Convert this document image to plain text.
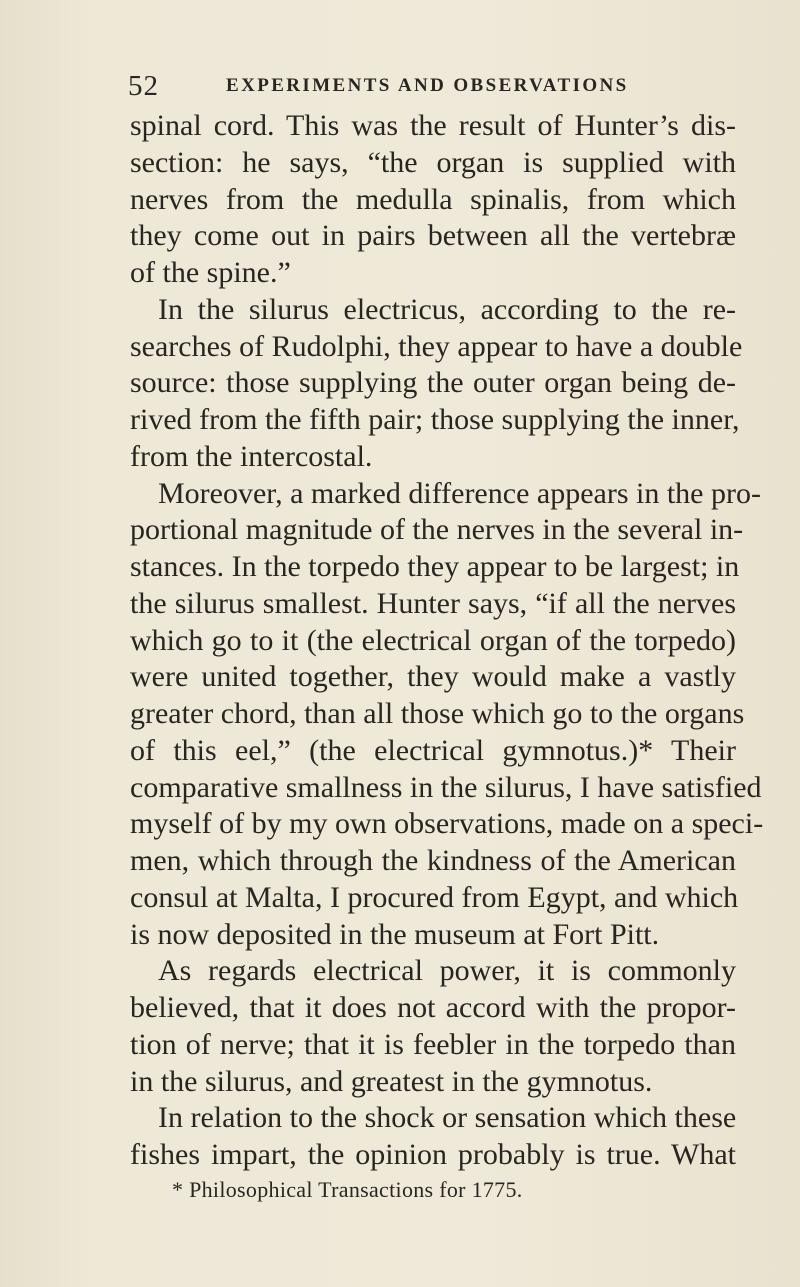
52	EXPERIMENTS AND OBSERVATIONS
spinal cord. This was the result of Hunter’s dis-
section: he says, “the organ is supplied with
nerves from the medulla spinalis, from which
they come out in pairs between all the vertebræ
of the spine.”
In the silurus electricus, according to the re-
searches of Rudolphi, they appear to have a double
source: those supplying the outer organ being de-
rived from the fifth pair; those supplying the inner,
from the intercostal.
Moreover, a marked difference appears in the pro-
portional magnitude of the nerves in the several in-
stances. In the torpedo they appear to be largest; in
the silurus smallest. Hunter says, “if all the nerves
which go to it (the electrical organ of the torpedo)
were united together, they would make a vastly
greater chord, than all those which go to the organs
of this eel,” (the electrical gymnotus.)* Their
comparative smallness in the silurus, I have satisfied
myself of by my own observations, made on a speci-
men, which through the kindness of the American
consul at Malta, I procured from Egypt, and which
is now deposited in the museum at Fort Pitt.
As regards electrical power, it is commonly
believed, that it does not accord with the propor-
tion of nerve; that it is feebler in the torpedo than
in the silurus, and greatest in the gymnotus.
In relation to the shock or sensation which these
fishes impart, the opinion probably is true. What
* Philosophical Transactions for 1775.
